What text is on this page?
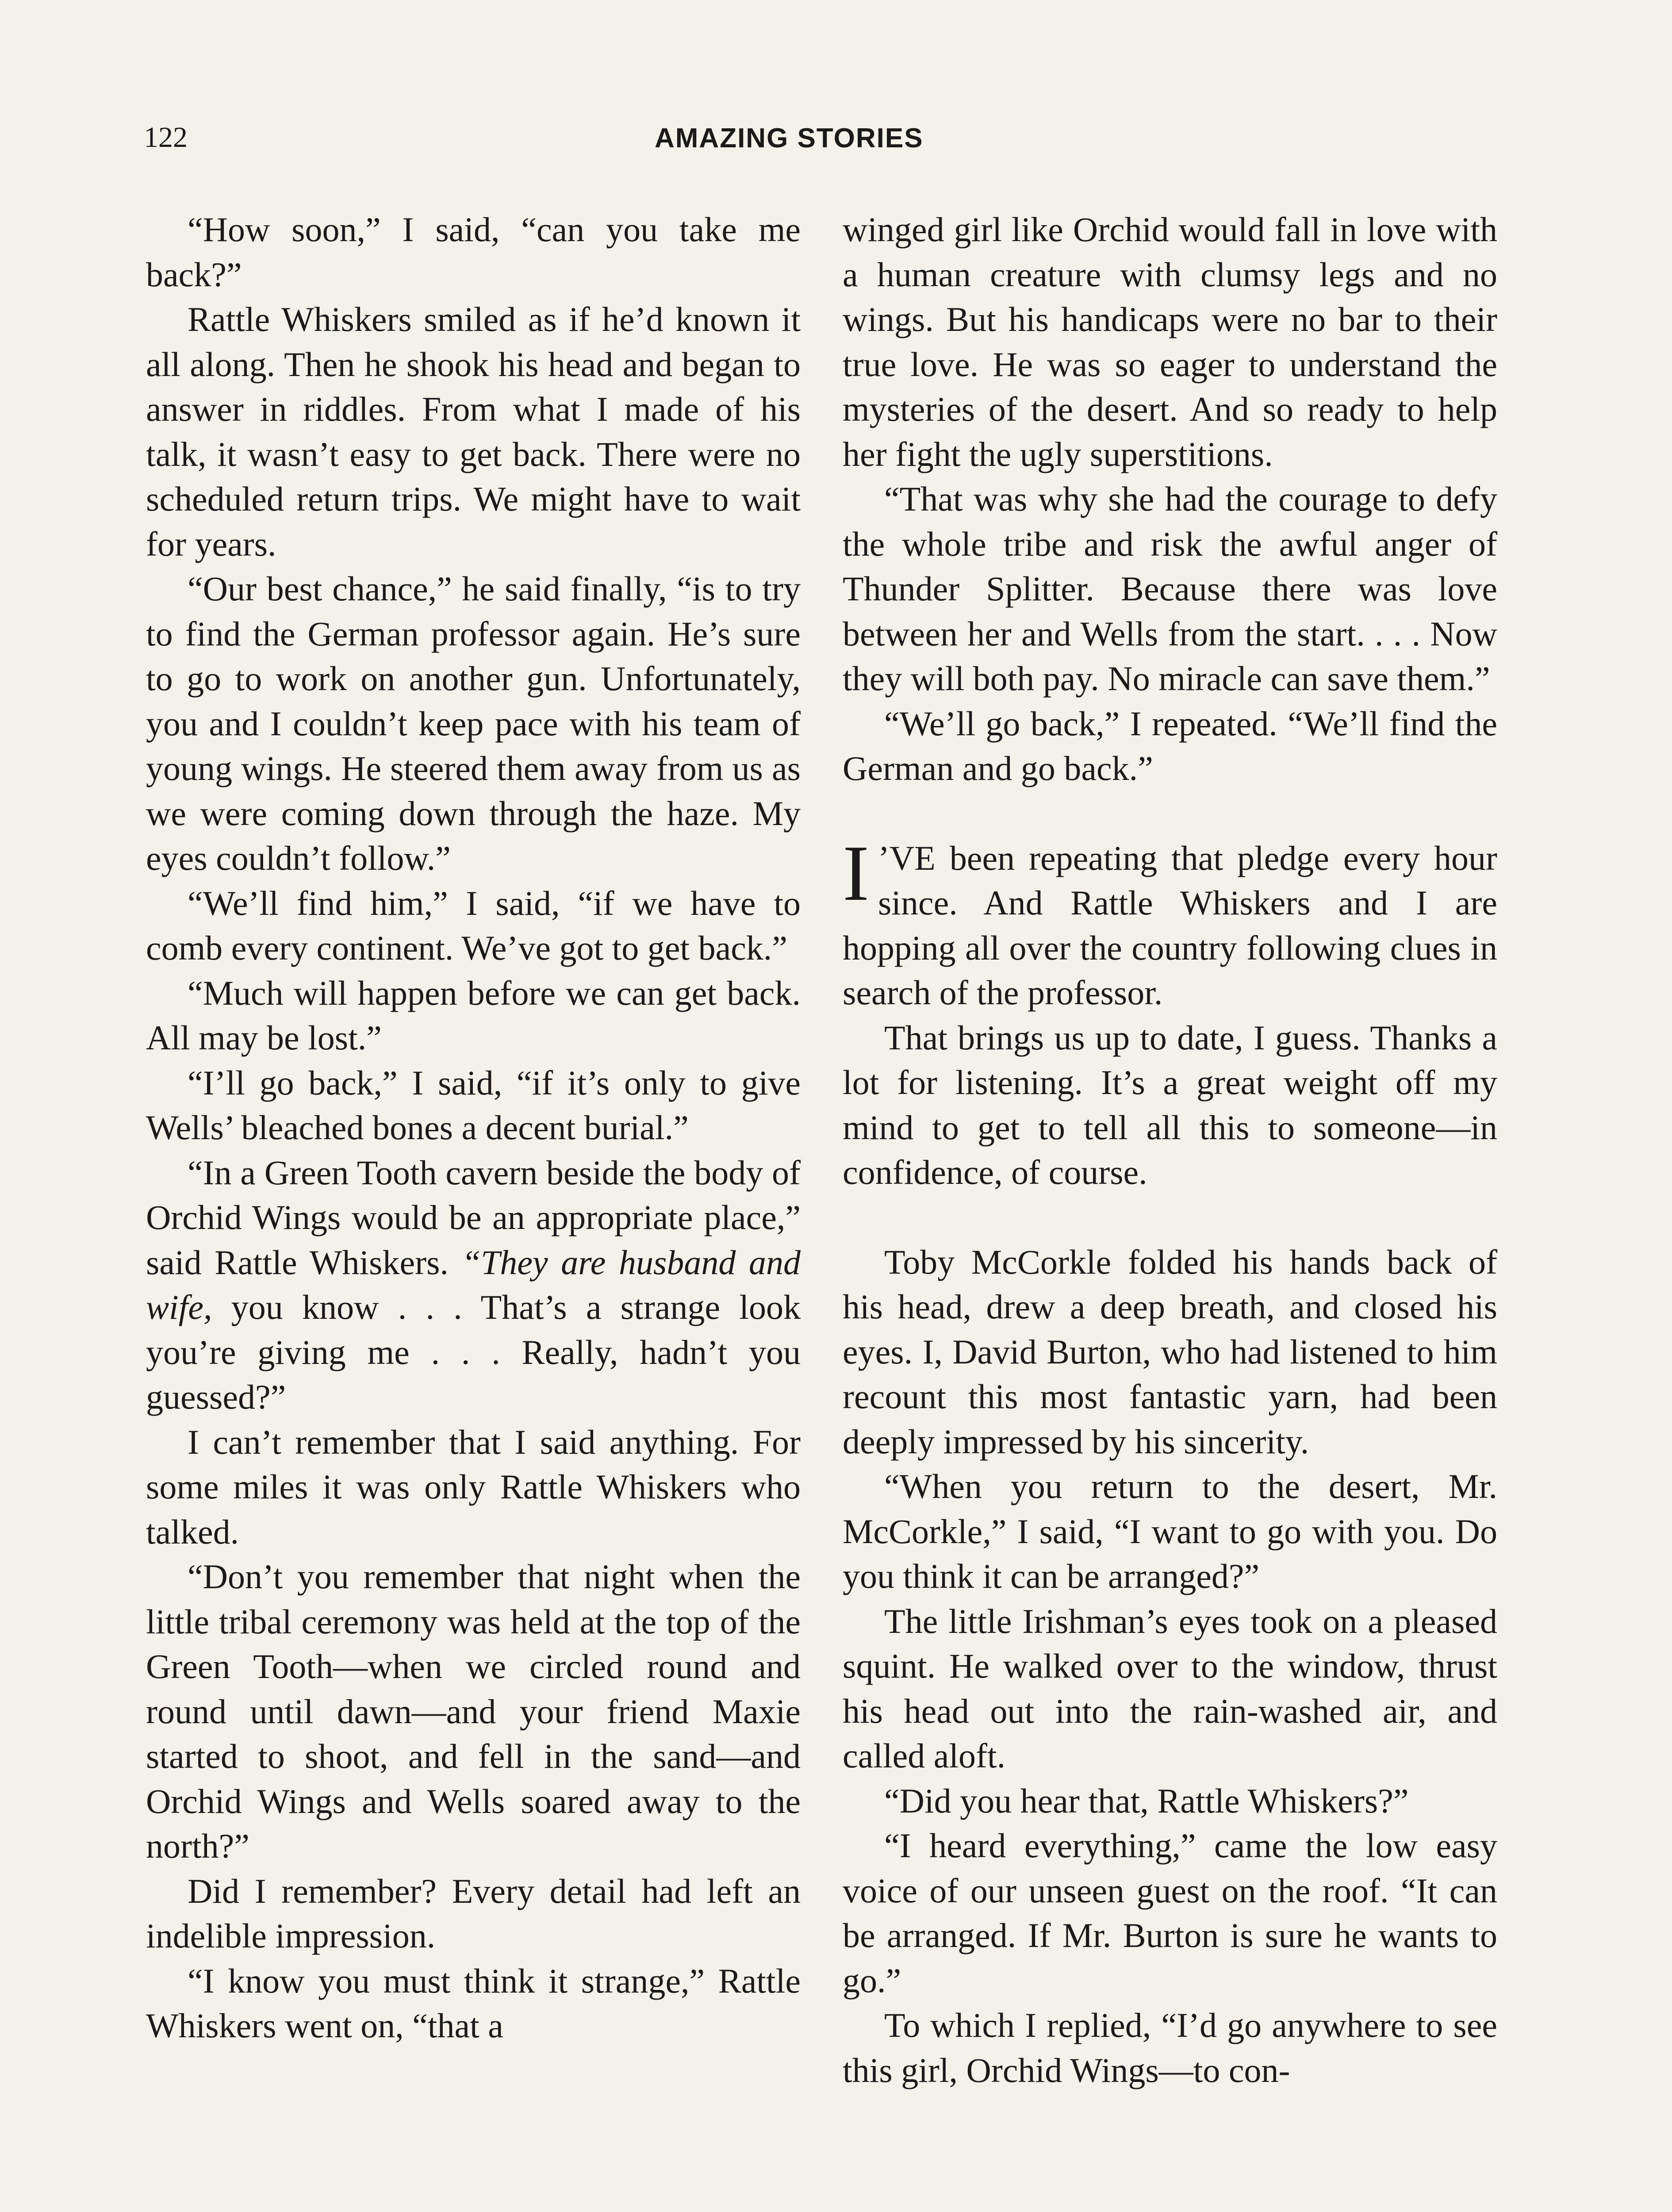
122	AMAZING STORIES

“How soon,” I said, “can you take me back?”

Rattle Whiskers smiled as if he’d known it all along. Then he shook his head and began to answer in riddles. From what I made of his talk, it wasn’t easy to get back. There were no scheduled return trips. We might have to wait for years.

“Our best chance,” he said finally, “is to try to find the German professor again. He’s sure to go to work on another gun. Unfortunately, you and I couldn’t keep pace with his team of young wings. He steered them away from us as we were coming down through the haze. My eyes couldn’t follow.”

“We’ll find him,” I said, “if we have to comb every continent. We’ve got to get back.”

“Much will happen before we can get back. All may be lost.”

“I’ll go back,” I said, “if it’s only to give Wells’ bleached bones a decent burial.”

“In a Green Tooth cavern beside the body of Orchid Wings would be an appropriate place,” said Rattle Whiskers. “They are husband and wife, you know . . . That’s a strange look you’re giving me . . . Really, hadn’t you guessed?”

I can’t remember that I said anything. For some miles it was only Rattle Whiskers who talked.

“Don’t you remember that night when the little tribal ceremony was held at the top of the Green Tooth—when we circled round and round until dawn—and your friend Maxie started to shoot, and fell in the sand—and Orchid Wings and Wells soared away to the north?”

Did I remember? Every detail had left an indelible impression.

“I know you must think it strange,” Rattle Whiskers went on, “that a

winged girl like Orchid would fall in love with a human creature with clumsy legs and no wings. But his handicaps were no bar to their true love. He was so eager to understand the mysteries of the desert. And so ready to help her fight the ugly superstitions.

“That was why she had the courage to defy the whole tribe and risk the awful anger of Thunder Splitter. Because there was love between her and Wells from the start. . . . Now they will both pay. No miracle can save them.”

“We’ll go back,” I repeated. “We’ll find the German and go back.”

I ’VE been repeating that pledge every hour since. And Rattle Whiskers and I are hopping all over the country following clues in search of the professor.

That brings us up to date, I guess. Thanks a lot for listening. It’s a great weight off my mind to get to tell all this to someone—in confidence, of course.

Toby McCorkle folded his hands back of his head, drew a deep breath, and closed his eyes. I, David Burton, who had listened to him recount this most fantastic yarn, had been deeply impressed by his sincerity.

“When you return to the desert, Mr. McCorkle,” I said, “I want to go with you. Do you think it can be arranged?”

The little Irishman’s eyes took on a pleased squint. He walked over to the window, thrust his head out into the rain-washed air, and called aloft.

“Did you hear that, Rattle Whiskers?”

“I heard everything,” came the low easy voice of our unseen guest on the roof. “It can be arranged. If Mr. Burton is sure he wants to go.”

To which I replied, “I’d go anywhere to see this girl, Orchid Wings—to con-
